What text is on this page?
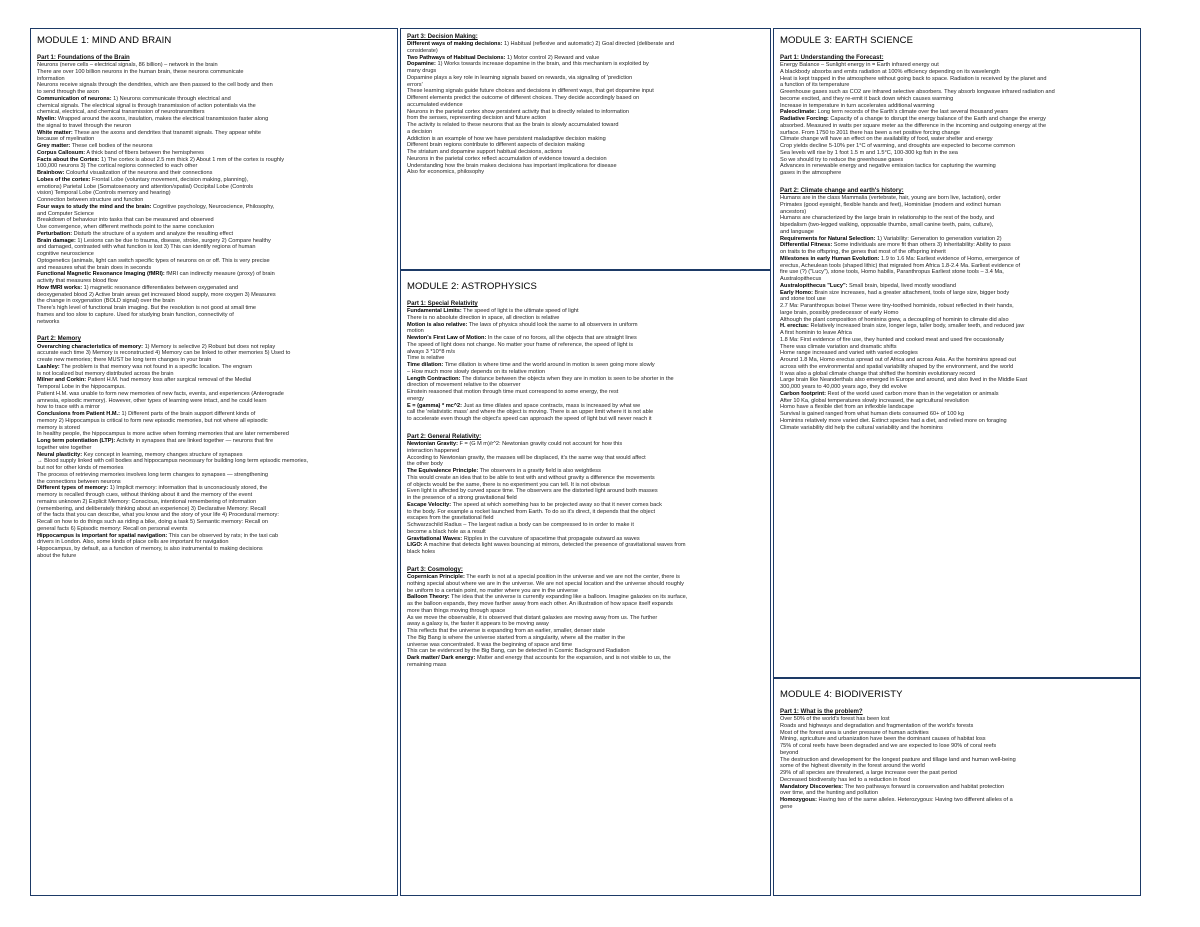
MODULE 1: MIND AND BRAIN
Part 1: Foundations of the Brain
Neurons (nerve cells – electrical signals, 86 billion) – network in the brain
There are over 100 billion neurons in the human brain, these neurons communicate
information
Neurons receive signals through the dendrites, which are then passed to the cell body and then
to send through the axon
Communication of neurons: 1) Neurons communicate through electrical and
chemical signals. The electrical signal is through transmission of action potentials via the
chemical, electrical, and chemical transmission of neurotransmitters
Myelin: Wrapped around the axons, insulation, makes the electrical transmission faster along
the signal to travel through the neuron
White matter: These are the axons and dendrites that transmit signals. They appear white
because of myelination
Grey matter: These cell bodies of the neurons
Corpus Callosum: A thick band of fibers between the hemispheres
Facts about the Cortex: 1) The cortex is about 2.5 mm thick 2) About 1 mm of the cortex is roughly
100,000 neurons 3) The cortical regions connected to each other
Brainbow: Colourful visualization of the neurons and their connections
Lobes of the cortex: Frontal Lobe (voluntary movement, decision making, planning),
emotions) Parietal Lobe (Somatosensory and attention/spatial) Occipital Lobe (Controls
vision) Temporal Lobe (Controls memory and hearing)
Connection between structure and function
Four ways to study the mind and the brain: Cognitive psychology, Neuroscience, Philosophy,
and Computer Science
Breakdown of behaviour into tasks that can be measured and observed
Use convergence, when different methods point to the same conclusion
Perturbation: Disturb the structure of a system and analyze the resulting effect
Brain damage: 1) Lesions can be due to trauma, disease, stroke, surgery 2) Compare healthy
and damaged, contrasted with what function is lost 3) This can identify regions of human
cognitive neuroscience
Optogenetics (animals, light can switch specific types of neurons on or off. This is very precise
and measures what the brain does in seconds
Functional Magnetic Resonance Imaging (fMRI): fMRI can indirectly measure (proxy) of brain
activity that measures blood flow
How fMRI works: 1) magnetic resonance differentiates between oxygenated and
deoxygenated blood 2) Active brain areas get increased blood supply, more oxygen 3) Measures
the change in oxygenation (BOLD signal) over the brain
There's high level of functional brain imaging. But the resolution is not good at small time
frames and too slow to capture. Used for studying brain function, connectivity of
networks
Part 2: Memory
Overarching characteristics of memory: 1) Memory is selective 2) Robust but does not replay
accurate each time 3) Memory is reconstructed 4) Memory can be linked to other memories 5) Used to
create new memories; there MUST be long term changes in your brain
Lashley: The problem is that memory was not found in a specific location. The engram
is not localized but memory distributed across the brain
Milner and Corkin: Patient H.M. had memory loss after surgical removal of the Medial
Temporal Lobe in the hippocampus.
Patient H.M. was unable to form new memories of new facts, events, and experiences (Anterograde
amnesia, episodic memory). However, other types of learning were intact, and he could learn
how to trace with a mirror
Conclusions from Patient H.M.: 1) Different parts of the brain support different kinds of
memory 2) Hippocampus is critical to form new episodic memories, but not where all episodic
memory is stored
In healthy people, the hippocampus is more active when forming memories that are later remembered
Long term potentiation (LTP): Activity in synapses that are linked together — neurons that fire
together wire together
Neural plasticity: Key concept in learning, memory changes structure of synapses
→ Blood supply linked with cell bodies and hippocampus necessary for building long term episodic memories,
but not for other kinds of memories
The process of retrieving memories involves long term changes to synapses — strengthening
the connections between neurons
Different types of memory: 1) Implicit memory: information that is unconsciously stored, the
memory is recalled through cues, without thinking about it and the memory of the event
remains unknown 2) Explicit Memory: Conscious, intentional remembering of information
(remembering, and deliberately thinking about an experience) 3) Declarative Memory: Recall
of the facts that you can describe, what you know and the story of your life 4) Procedural memory:
Recall on how to do things such as riding a bike, doing a task 5) Semantic memory: Recall on
general facts 6) Episodic memory: Recall on personal events
Hippocampus is important for spatial navigation: This can be observed by rats; in the taxi cab
drivers in London. Also, some kinds of place cells are important for navigation
Hippocampus, by default, as a function of memory, is also instrumental to making decisions
about the future
Part 3: Decision Making:
Different ways of making decisions: 1) Habitual (reflexive and automatic) 2) Goal directed (deliberate and
considerate)
Two Pathways of Habitual Decisions: 1) Motor control 2) Reward and value
Dopamine: 1) Works towards increase dopamine in the brain, and this mechanism is exploited by
many drugs
Dopamine plays a key role in learning signals based on rewards, via signaling of 'prediction
errors'
These learning signals guide future choices and decisions in different ways, that get dopamine input
Different elements predict the outcome of different choices. They decide accordingly based on
accumulated evidence
Neurons in the parietal cortex show persistent activity that is directly related to information
from the senses, representing decision and future action
The activity is related to these neurons that as the brain is slowly accumulated toward
a decision
Addiction is an example of how we have persistent maladaptive decision making
Different brain regions contribute to different aspects of decision making
The striatum and dopamine support habitual decisions, actions
Neurons in the parietal cortex reflect accumulation of evidence toward a decision
Understanding how the brain makes decisions has important implications for disease
Also for economics, philosophy
MODULE 2: ASTROPHYSICS
Part 1: Special Relativity
Fundamental Limits: The speed of light is the ultimate speed of light
There is no absolute direction in space, all direction is relative
Motion is also relative: The laws of physics should look the same to all observers in uniform
motion
Newton's First Law of Motion: In the case of no forces, all the objects that are straight lines
The speed of light does not change. No matter your frame of reference, the speed of light is
always 3 *10^8 m/s
Time is relative
Time dilation: Time dilation is where time and the world around in motion is seen going more slowly
– How much more slowly depends on its relative motion
Length Contraction: The distance between the objects when they are in motion is seen to be shorter in the
direction of movement relative to the observer
Einstein reasoned that motion through time must correspond to some energy, the rest
energy
E = (gamma) * mc^2: Just as time dilates and space contracts, mass is increased by what we
call the 'relativistic mass' and where the object is moving. There is an upper limit where it is not able
to accelerate even though the object's speed can approach the speed of light but will never reach it
Part 2: General Relativity:
Newtonian Gravity: F = (G M m)/r^2: Newtonian gravity could not account for how this
interaction happened
According to Newtonian gravity, the masses will be displaced, it's the same way that would affect
the other body
The Equivalence Principle: The observers in a gravity field is also weightless
This would create an idea that to be able to test with and without gravity a difference the movements
of objects would be the same, there is no experiment you can tell. It is not obvious
Even light is affected by curved space time. The observers are the distorted light around both masses
in the presence of a strong gravitational field
Escape Velocity: The speed at which something has to be projected away so that it never comes back
to the body. For example a rocket launched from Earth. To do so it's direct, it depends that the object
escapes from the gravitational field
Schwarzschild Radius – The largest radius a body can be compressed to in order to make it
become a black hole as a result
Gravitational Waves: Ripples in the curvature of spacetime that propagate outward as waves
LIGO: A machine that detects light waves bouncing at mirrors, detected the presence of gravitational waves from
black holes
Part 3: Cosmology:
Copernican Principle: The earth is not at a special position in the universe and we are not the center, there is
nothing special about where we are in the universe. We are not special location and the universe should roughly
be uniform to a certain point, no matter where you are in the universe
Balloon Theory: The idea that the universe is currently expanding like a balloon. Imagine galaxies on its surface,
as the balloon expands, they move farther away from each other. An illustration of how space itself expands
more than things moving through space
As we move the observable, it is observed that distant galaxies are moving away from us. The further
away a galaxy is, the faster it appears to be moving away
This reflects that the universe is expanding from an earlier, smaller, denser state
The Big Bang is where the universe started from a singularity, where all the matter in the
universe was concentrated. It was the beginning of space and time
This can be evidenced by the Big Bang, can be detected in Cosmic Background Radiation
Dark matter/ Dark energy: Matter and energy that accounts for the expansion, and is not visible to us, the
remaining mass
MODULE 3: EARTH SCIENCE
Part 1: Understanding the Forecast:
Energy Balance – Sunlight energy in = Earth infrared energy out
A blackbody absorbs and emits radiation at 100% efficiency depending on its wavelength
Heat is kept trapped in the atmosphere without going back to space. Radiation is received by the planet and
a function of its temperature
Greenhouse gases such as CO2 are infrared selective absorbers. They absorb longwave infrared radiation and
become excited, and they re-emit it back down which causes warming
Increase in temperature in turn accelerates additional warming
Paleoclimate: Long term records of the Earth's climate over the last several thousand years
Radiative Forcing: Capacity of a change to disrupt the energy balance of the Earth and change the energy
absorbed. Measured in watts per square meter as the difference in the incoming and outgoing energy at the
surface. From 1750 to 2011 there has been a net positive forcing change
Climate change will have an effect on the availability of food, water shelter and energy
Crop yields decline 5-10% per 1°C of warming, and droughts are expected to become common
Sea levels will rise by 1 foot 1.5 m and 1.5°C, 100-300 kg fish in the sea
So we should try to reduce the greenhouse gases
Advances in renewable energy and negative emission tactics for capturing the warming
gases in the atmosphere
Part 2: Climate change and earth's history:
Humans are in the class Mammalia (vertebrate, hair, young are born live, lactation), order
Primates (good eyesight, flexible hands and feet), Hominidae (modern and extinct human
ancestors)
Humans are characterized by the large brain in relationship to the rest of the body, and
bipedalism (two-legged walking, opposable thumbs, small canine teeth, pairs, culture),
and language
Requirements for Natural Selection: 1) Variability: Generation to generation variation 2)
Differential Fitness: Some individuals are more fit than others 3) Inheritability: Ability to pass
on traits to the offspring, the genes that most of the offspring inherit
Milestones in early Human Evolution: 1.9 to 1.6 Ma: Earliest evidence of Homo, emergence of
erectus, Acheulean tools (shaped lithic) that migrated from Africa 1.8-2.4 Ma. Earliest evidence of
fire use (?) ("Lucy"), stone tools, Homo habilis, Paranthropus Earliest stone tools – 3.4 Ma,
Australopithecus
Australopithecus "Lucy": Small brain, bipedal, lived mostly woodland
Early Homo: Brain size increases, had a greater attachment, tools of large size, bigger body
and stone tool use
2.7 Ma: Paranthropus boisei These were tiny-toothed hominids, robust reflected in their hands,
large brain, possibly predecessor of early Homo
Although the plant composition of hominins grew, a decoupling of hominin to climate did also
H. erectus: Relatively increased brain size, longer legs, taller body, smaller teeth, and reduced jaw
A first hominin to leave Africa
1.8 Ma: First evidence of fire use, they hunted and cooked meat and used fire occasionally
There was climate variation and dramatic shifts
Home range increased and varied with varied ecologies
Around 1.8 Ma, Homo erectus spread out of Africa and across Asia. As the hominins spread out
across with the environmental and spatial variability shaped by the environment, and the world
It was also a global climate change that shifted the hominin evolutionary record
Large brain like Neanderthals also emerged in Europe and around, and also lived in the Middle East
300,000 years to 40,000 years ago, they did evolve
Carbon footprint: Rest of the world used carbon more than in the vegetation or animals
After 10 Ka, global temperatures slowly increased, the agricultural revolution
Homo have a flexible diet from an inflexible landscape
Survival is gained ranged from what human diets consumed 60+ of 100 kg
Hominins relatively more varied diet. Extinct species had a diet, and relied more on foraging
Climate variability did help the cultural variability and the hominins
MODULE 4: BIODIVERISTY
Part 1: What is the problem?
Over 50% of the world's forest has been lost
Roads and highways and degradation and fragmentation of the world's forests
Most of the forest area is under pressure of human activities
Mining, agriculture and urbanization have been the dominant causes of habitat loss
75% of coral reefs have been degraded and we are expected to lose 90% of coral reefs
beyond
The destruction and development for the longest pasture and tillage land and human well-being
some of the highest diversity in the forest around the world
29% of all species are threatened, a large increase over the past period
Decreased biodiversity has led to a reduction in food
Mandatory Discoveries: The two pathways forward is conservation and habitat protection
over time, and the hunting and pollution
Homozygous: Having two of the same alleles. Heterozygous: Having two different alleles of a
gene
